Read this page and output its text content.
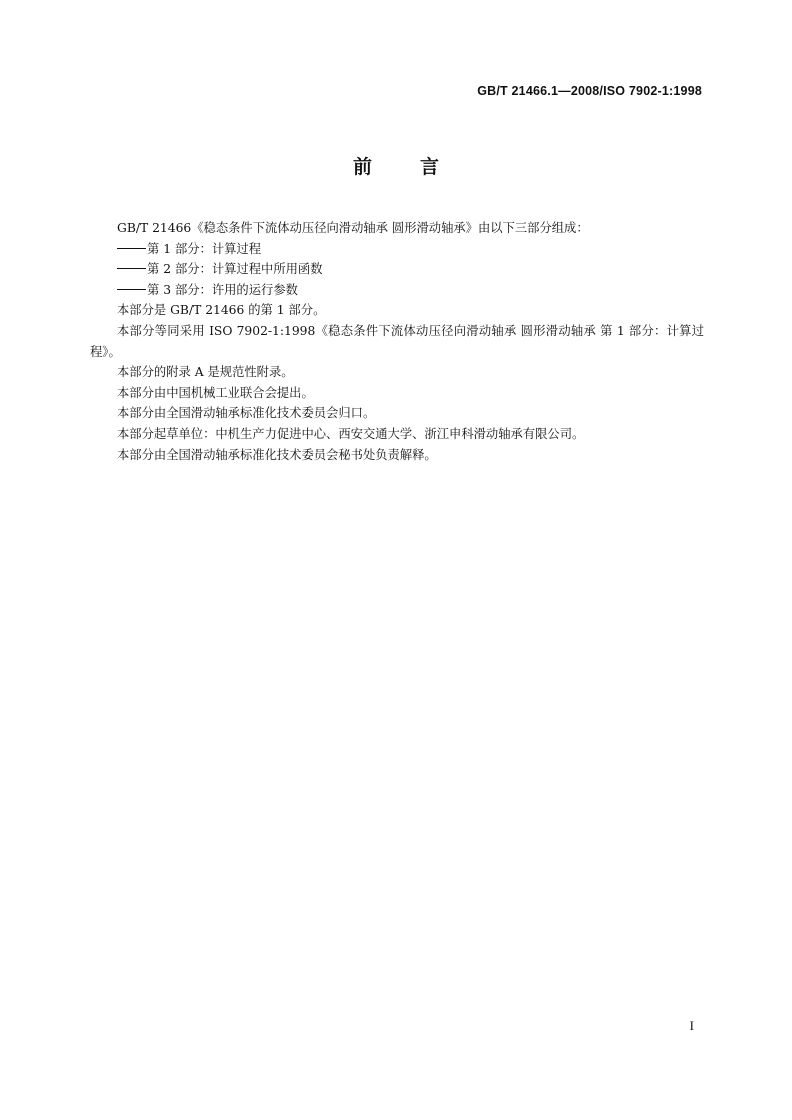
GB/T 21466.1—2008/ISO 7902-1:1998
前言

GB/T 21466《稳态条件下流体动压径向滑动轴承 圆形滑动轴承》由以下三部分组成：

第 1 部分：计算过程

第 2 部分：计算过程中所用函数

第 3 部分：许用的运行参数

本部分是 GB/T 21466 的第 1 部分。

本部分等同采用 ISO 7902-1:1998《稳态条件下流体动压径向滑动轴承 圆形滑动轴承 第 1 部分：计算过程》。

本部分的附录 A 是规范性附录。

本部分由中国机械工业联合会提出。

本部分由全国滑动轴承标准化技术委员会归口。

本部分起草单位：中机生产力促进中心、西安交通大学、浙江申科滑动轴承有限公司。

本部分由全国滑动轴承标准化技术委员会秘书处负责解释。

I
